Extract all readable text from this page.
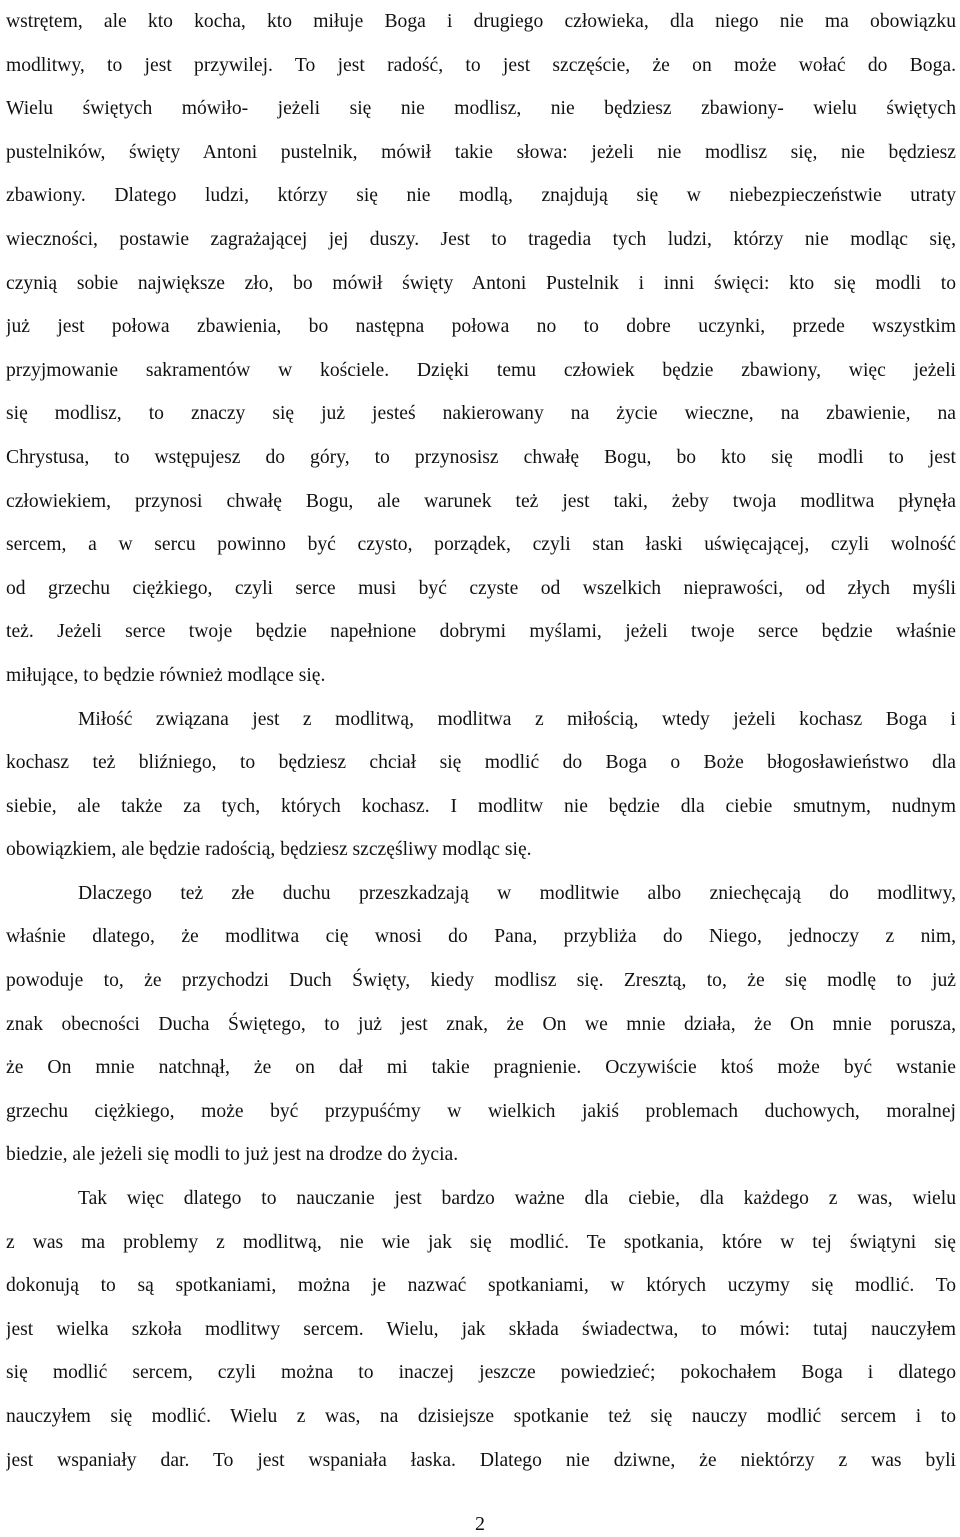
wstrętem, ale kto kocha, kto miłuje Boga i drugiego człowieka, dla niego nie ma obowiązku
modlitwy, to jest przywilej. To jest radość, to jest szczęście, że on może wołać do Boga.
Wielu świętych mówiło- jeżeli się nie modlisz, nie będziesz zbawiony- wielu świętych
pustelników, święty Antoni pustelnik, mówił takie słowa: jeżeli nie modlisz się, nie będziesz
zbawiony. Dlatego ludzi, którzy się nie modlą, znajdują się w niebezpieczeństwie utraty
wieczności, postawie zagrażającej jej duszy. Jest to tragedia tych ludzi, którzy nie modląc się,
czynią sobie największe zło, bo mówił święty Antoni Pustelnik i inni święci: kto się modli to
już jest połowa zbawienia, bo następna połowa no to dobre uczynki, przede wszystkim
przyjmowanie sakramentów w kościele. Dzięki temu człowiek będzie zbawiony, więc jeżeli
się modlisz, to znaczy się już jesteś nakierowany na życie wieczne, na zbawienie, na
Chrystusa, to wstępujesz do góry, to przynosisz chwałę Bogu, bo kto się modli to jest
człowiekiem, przynosi chwałę Bogu, ale warunek też jest taki, żeby twoja modlitwa płynęła
sercem, a w sercu powinno być czysto, porządek, czyli stan łaski uświęcającej, czyli wolność
od grzechu ciężkiego, czyli serce musi być czyste od wszelkich nieprawości, od złych myśli
też. Jeżeli serce twoje będzie napełnione dobrymi myślami, jeżeli twoje serce będzie właśnie
miłujące, to będzie również modlące się.
Miłość związana jest z modlitwą, modlitwa z miłością, wtedy jeżeli kochasz Boga i
kochasz też bliźniego, to będziesz chciał się modlić do Boga o Boże błogosławieństwo dla
siebie, ale także za tych, których kochasz. I modlitw nie będzie dla ciebie smutnym, nudnym
obowiązkiem, ale będzie radością, będziesz szczęśliwy modląc się.
Dlaczego też złe duchu przeszkadzają w modlitwie albo zniechęcają do modlitwy,
właśnie dlatego, że modlitwa cię wnosi do Pana, przybliża do Niego, jednoczy z nim,
powoduje to, że przychodzi Duch Święty, kiedy modlisz się. Zresztą, to, że się modlę to już
znak obecności Ducha Świętego, to już jest znak, że On we mnie działa, że On mnie porusza,
że On mnie natchnął, że on dał mi takie pragnienie. Oczywiście ktoś może być wstanie
grzechu ciężkiego, może być przypuśćmy w wielkich jakiś problemach duchowych, moralnej
biedzie, ale jeżeli się modli to już jest na drodze do życia.
Tak więc dlatego to nauczanie jest bardzo ważne dla ciebie, dla każdego z was, wielu
z was ma problemy z modlitwą, nie wie jak się modlić. Te spotkania, które w tej świątyni się
dokonują to są spotkaniami, można je nazwać spotkaniami, w których uczymy się modlić. To
jest wielka szkoła modlitwy sercem. Wielu, jak składa świadectwa, to mówi: tutaj nauczyłem
się modlić sercem, czyli można to inaczej jeszcze powiedzieć; pokochałem Boga i dlatego
nauczyłem się modlić. Wielu z was, na dzisiejsze spotkanie też się nauczy modlić sercem i to
jest wspaniały dar. To jest wspaniała łaska. Dlatego nie dziwne, że niektórzy z was byli
2
